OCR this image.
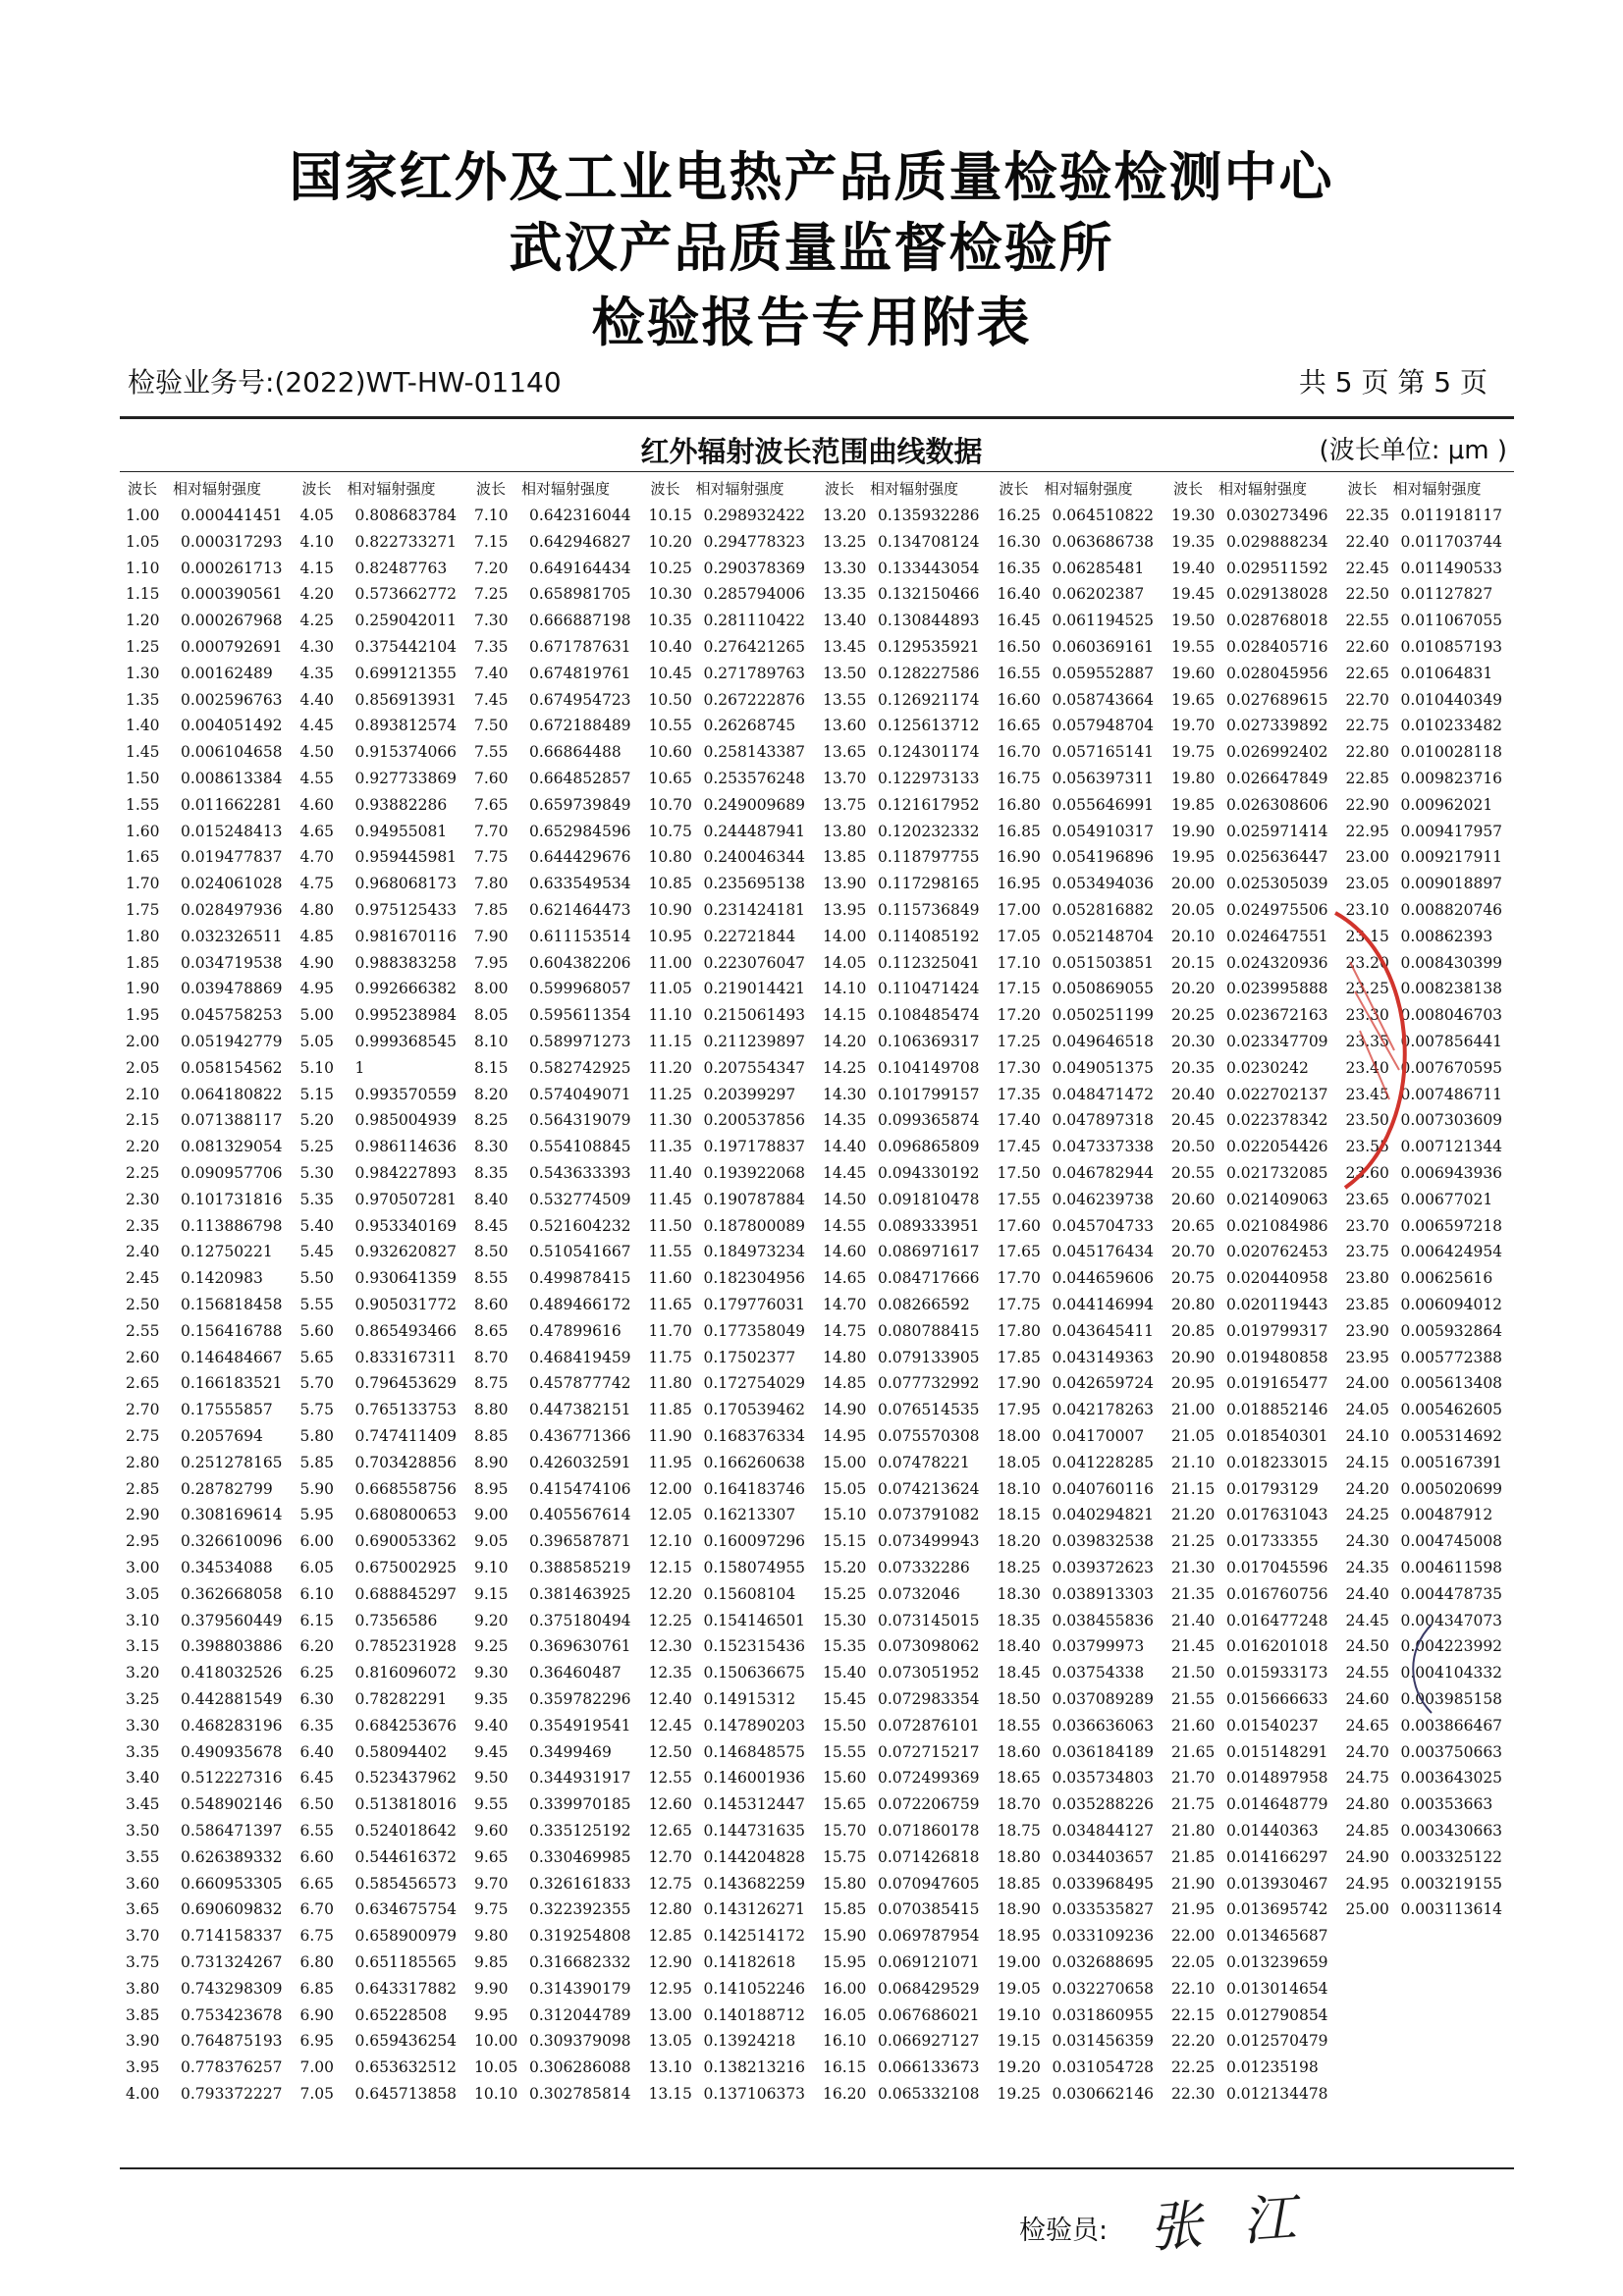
国家红外及工业电热产品质量检验检测中心
武汉产品质量监督检验所
检验报告专用附表
检验业务号:(2022)WT-HW-01140	共 5 页 第 5 页
红外辐射波长范围曲线数据	(波长单位: μm )
波长 相对辐射强度
1.00	0.000441451
1.05	0.000317293
1.10	0.000261713
1.15	0.000390561
1.20	0.000267968
1.25	0.000792691
1.30	0.00162489
1.35	0.002596763
1.40	0.004051492
1.45	0.006104658
1.50	0.008613384
1.55	0.011662281
1.60	0.015248413
1.65	0.019477837
1.70	0.024061028
1.75	0.028497936
1.80	0.032326511
1.85	0.034719538
1.90	0.039478869
1.95	0.045758253
2.00	0.051942779
2.05	0.058154562
2.10	0.064180822
2.15	0.071388117
2.20	0.081329054
2.25	0.090957706
2.30	0.101731816
2.35	0.113886798
2.40	0.12750221
2.45	0.1420983
2.50	0.156818458
2.55	0.156416788
2.60	0.146484667
2.65	0.166183521
2.70	0.17555857
2.75	0.2057694
2.80	0.251278165
2.85	0.28782799
2.90	0.308169614
2.95	0.326610096
3.00	0.34534088
3.05	0.362668058
3.10	0.379560449
3.15	0.398803886
3.20	0.418032526
3.25	0.442881549
3.30	0.468283196
3.35	0.490935678
3.40	0.512227316
3.45	0.548902146
3.50	0.586471397
3.55	0.626389332
3.60	0.660953305
3.65	0.690609832
3.70	0.714158337
3.75	0.731324267
3.80	0.743298309
3.85	0.753423678
3.90	0.764875193
3.95	0.778376257
4.00	0.793372227
波长 相对辐射强度
4.05	0.808683784
4.10	0.822733271
4.15	0.82487763
4.20	0.573662772
4.25	0.259042011
4.30	0.375442104
4.35	0.699121355
4.40	0.856913931
4.45	0.893812574
4.50	0.915374066
4.55	0.927733869
4.60	0.93882286
4.65	0.94955081
4.70	0.959445981
4.75	0.968068173
4.80	0.975125433
4.85	0.981670116
4.90	0.988383258
4.95	0.992666382
5.00	0.995238984
5.05	0.999368545
5.10	1
5.15	0.993570559
5.20	0.985004939
5.25	0.986114636
5.30	0.984227893
5.35	0.970507281
5.40	0.953340169
5.45	0.932620827
5.50	0.930641359
5.55	0.905031772
5.60	0.865493466
5.65	0.833167311
5.70	0.796453629
5.75	0.765133753
5.80	0.747411409
5.85	0.703428856
5.90	0.668558756
5.95	0.680800653
6.00	0.690053362
6.05	0.675002925
6.10	0.688845297
6.15	0.7356586
6.20	0.785231928
6.25	0.816096072
6.30	0.78282291
6.35	0.684253676
6.40	0.58094402
6.45	0.523437962
6.50	0.513818016
6.55	0.524018642
6.60	0.544616372
6.65	0.585456573
6.70	0.634675754
6.75	0.658900979
6.80	0.651185565
6.85	0.643317882
6.90	0.65228508
6.95	0.659436254
7.00	0.653632512
7.05	0.645713858
波长 相对辐射强度
7.10	0.642316044
7.15	0.642946827
7.20	0.649164434
7.25	0.658981705
7.30	0.666887198
7.35	0.671787631
7.40	0.674819761
7.45	0.674954723
7.50	0.672188489
7.55	0.66864488
7.60	0.664852857
7.65	0.659739849
7.70	0.652984596
7.75	0.644429676
7.80	0.633549534
7.85	0.621464473
7.90	0.611153514
7.95	0.604382206
8.00	0.599968057
8.05	0.595611354
8.10	0.589971273
8.15	0.582742925
8.20	0.574049071
8.25	0.564319079
8.30	0.554108845
8.35	0.543633393
8.40	0.532774509
8.45	0.521604232
8.50	0.510541667
8.55	0.499878415
8.60	0.489466172
8.65	0.47899616
8.70	0.468419459
8.75	0.457877742
8.80	0.447382151
8.85	0.436771366
8.90	0.426032591
8.95	0.415474106
9.00	0.405567614
9.05	0.396587871
9.10	0.388585219
9.15	0.381463925
9.20	0.375180494
9.25	0.369630761
9.30	0.36460487
9.35	0.359782296
9.40	0.354919541
9.45	0.3499469
9.50	0.344931917
9.55	0.339970185
9.60	0.335125192
9.65	0.330469985
9.70	0.326161833
9.75	0.322392355
9.80	0.319254808
9.85	0.316682332
9.90	0.314390179
9.95	0.312044789
10.00 0.309379098
10.05 0.306286088
10.10 0.302785814
波长 相对辐射强度
10.15 0.298932422
10.20 0.294778323
10.25 0.290378369
10.30 0.285794006
10.35 0.281110422
10.40 0.276421265
10.45 0.271789763
10.50 0.267222876
10.55 0.26268745
10.60 0.258143387
10.65 0.253576248
10.70 0.249009689
10.75 0.244487941
10.80 0.240046344
10.85 0.235695138
10.90 0.231424181
10.95 0.22721844
11.00 0.223076047
11.05 0.219014421
11.10 0.215061493
11.15 0.211239897
11.20 0.207554347
11.25 0.20399297
11.30 0.200537856
11.35 0.197178837
11.40 0.193922068
11.45 0.190787884
11.50 0.187800089
11.55 0.184973234
11.60 0.182304956
11.65 0.179776031
11.70 0.177358049
11.75 0.17502377
11.80 0.172754029
11.85 0.170539462
11.90 0.168376334
11.95 0.166260638
12.00 0.164183746
12.05 0.16213307
12.10 0.160097296
12.15 0.158074955
12.20 0.15608104
12.25 0.154146501
12.30 0.152315436
12.35 0.150636675
12.40 0.14915312
12.45 0.147890203
12.50 0.146848575
12.55 0.146001936
12.60 0.145312447
12.65 0.144731635
12.70 0.144204828
12.75 0.143682259
12.80 0.143126271
12.85 0.142514172
12.90 0.14182618
12.95 0.141052246
13.00 0.140188712
13.05 0.13924218
13.10 0.138213216
13.15 0.137106373
波长 相对辐射强度
13.20 0.135932286
13.25 0.134708124
13.30 0.133443054
13.35 0.132150466
13.40 0.130844893
13.45 0.129535921
13.50 0.128227586
13.55 0.126921174
13.60 0.125613712
13.65 0.124301174
13.70 0.122973133
13.75 0.121617952
13.80 0.120232332
13.85 0.118797755
13.90 0.117298165
13.95 0.115736849
14.00 0.114085192
14.05 0.112325041
14.10 0.110471424
14.15 0.108485474
14.20 0.106369317
14.25 0.104149708
14.30 0.101799157
14.35 0.099365874
14.40 0.096865809
14.45 0.094330192
14.50 0.091810478
14.55 0.089333951
14.60 0.086971617
14.65 0.084717666
14.70 0.08266592
14.75 0.080788415
14.80 0.079133905
14.85 0.077732992
14.90 0.076514535
14.95 0.075570308
15.00 0.07478221
15.05 0.074213624
15.10 0.073791082
15.15 0.073499943
15.20 0.07332286
15.25 0.0732046
15.30 0.073145015
15.35 0.073098062
15.40 0.073051952
15.45 0.072983354
15.50 0.072876101
15.55 0.072715217
15.60 0.072499369
15.65 0.072206759
15.70 0.071860178
15.75 0.071426818
15.80 0.070947605
15.85 0.070385415
15.90 0.069787954
15.95 0.069121071
16.00 0.068429529
16.05 0.067686021
16.10 0.066927127
16.15 0.066133673
16.20 0.065332108
波长 相对辐射强度
16.25 0.064510822
16.30 0.063686738
16.35 0.06285481
16.40 0.06202387
16.45 0.061194525
16.50 0.060369161
16.55 0.059552887
16.60 0.058743664
16.65 0.057948704
16.70 0.057165141
16.75 0.056397311
16.80 0.055646991
16.85 0.054910317
16.90 0.054196896
16.95 0.053494036
17.00 0.052816882
17.05 0.052148704
17.10 0.051503851
17.15 0.050869055
17.20 0.050251199
17.25 0.049646518
17.30 0.049051375
17.35 0.048471472
17.40 0.047897318
17.45 0.047337338
17.50 0.046782944
17.55 0.046239738
17.60 0.045704733
17.65 0.045176434
17.70 0.044659606
17.75 0.044146994
17.80 0.043645411
17.85 0.043149363
17.90 0.042659724
17.95 0.042178263
18.00 0.04170007
18.05 0.041228285
18.10 0.040760116
18.15 0.040294821
18.20 0.039832538
18.25 0.039372623
18.30 0.038913303
18.35 0.038455836
18.40 0.03799973
18.45 0.03754338
18.50 0.037089289
18.55 0.036636063
18.60 0.036184189
18.65 0.035734803
18.70 0.035288226
18.75 0.034844127
18.80 0.034403657
18.85 0.033968495
18.90 0.033535827
18.95 0.033109236
19.00 0.032688695
19.05 0.032270658
19.10 0.031860955
19.15 0.031456359
19.20 0.031054728
19.25 0.030662146
波长 相对辐射强度
19.30 0.030273496
19.35 0.029888234
19.40 0.029511592
19.45 0.029138028
19.50 0.028768018
19.55 0.028405716
19.60 0.028045956
19.65 0.027689615
19.70 0.027339892
19.75 0.026992402
19.80 0.026647849
19.85 0.026308606
19.90 0.025971414
19.95 0.025636447
20.00 0.025305039
20.05 0.024975506
20.10 0.024647551
20.15 0.024320936
20.20 0.023995888
20.25 0.023672163
20.30 0.023347709
20.35 0.0230242
20.40 0.022702137
20.45 0.022378342
20.50 0.022054426
20.55 0.021732085
20.60 0.021409063
20.65 0.021084986
20.70 0.020762453
20.75 0.020440958
20.80 0.020119443
20.85 0.019799317
20.90 0.019480858
20.95 0.019165477
21.00 0.018852146
21.05 0.018540301
21.10 0.018233015
21.15 0.01793129
21.20 0.017631043
21.25 0.01733355
21.30 0.017045596
21.35 0.016760756
21.40 0.016477248
21.45 0.016201018
21.50 0.015933173
21.55 0.015666633
21.60 0.01540237
21.65 0.015148291
21.70 0.014897958
21.75 0.014648779
21.80 0.01440363
21.85 0.014166297
21.90 0.013930467
21.95 0.013695742
22.00 0.013465687
22.05 0.013239659
22.10 0.013014654
22.15 0.012790854
22.20 0.012570479
22.25 0.01235198
22.30 0.012134478
波长 相对辐射强度
22.35 0.011918117
22.40 0.011703744
22.45 0.011490533
22.50 0.01127827
22.55 0.011067055
22.60 0.010857193
22.65 0.01064831
22.70 0.010440349
22.75 0.010233482
22.80 0.010028118
22.85 0.009823716
22.90 0.00962021
22.95 0.009417957
23.00 0.009217911
23.05 0.009018897
23.10 0.008820746
23.15 0.00862393
23.20 0.008430399
23.25 0.008238138
23.30 0.008046703
23.35 0.007856441
23.40 0.007670595
23.45 0.007486711
23.50 0.007303609
23.55 0.007121344
23.60 0.006943936
23.65 0.00677021
23.70 0.006597218
23.75 0.006424954
23.80 0.00625616
23.85 0.006094012
23.90 0.005932864
23.95 0.005772388
24.00 0.005613408
24.05 0.005462605
24.10 0.005314692
24.15 0.005167391
24.20 0.005020699
24.25 0.00487912
24.30 0.004745008
24.35 0.004611598
24.40 0.004478735
24.45 0.004347073
24.50 0.004223992
24.55 0.004104332
24.60 0.003985158
24.65 0.003866467
24.70 0.003750663
24.75 0.003643025
24.80 0.00353663
24.85 0.003430663
24.90 0.003325122
24.95 0.003219155
25.00 0.003113614
检验员: 张 江
